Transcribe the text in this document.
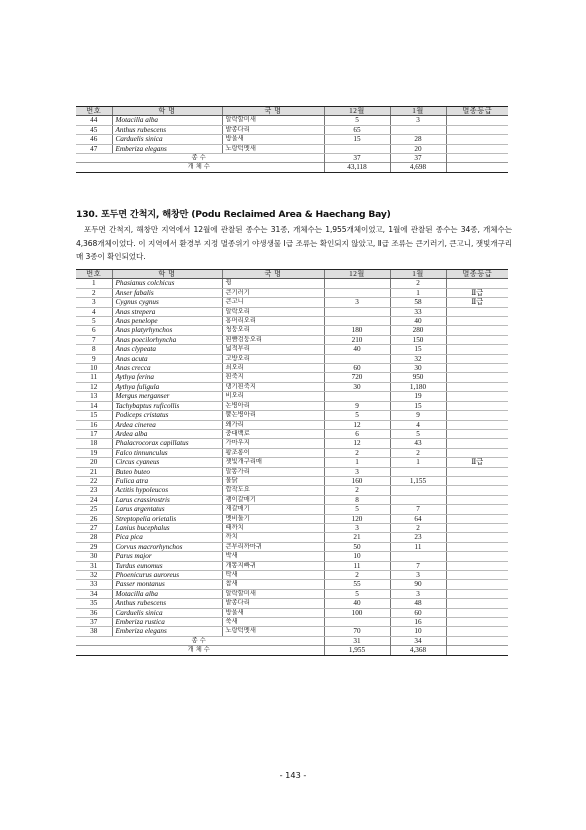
번호	학 명	국 명	12월	1월	멸종등급
44	Motacilla alba	알락할미새	5	3	
45	Anthus rubescens	밭종다리	65		
46	Carduelis sinica	방울새	15	28	
47	Emberiza elegans	노랑턱멧새		20	
종수			37	37	
개체수			43,118	4,698	
130. 포두면 간척지, 해창만 (Podu Reclaimed Area & Haechang Bay)
포두면 간척지, 해창만 지역에서 12월에 관찰된 종수는 31종, 개체수는 1,955개체이었고, 1월에 관찰된 종수는 34종, 개체수는 4,368개체이었다. 이 지역에서 환경부 지정 멸종위기 야생생물 Ⅰ급 조류는 확인되지 않았고, Ⅱ급 조류는 큰기러기, 큰고니, 잿빛개구리매 3종이 확인되었다.
번호	학 명	국 명	12월	1월	멸종등급
1	Phasianus colchicus	꿩		2	
2	Anser fabalis	큰기러기		1	Ⅱ급
3	Cygnus cygnus	큰고니	3	58	Ⅱ급
4	Anas strepera	알락오리		33	
5	Anas penelope	홍머리오리		40	
6	Anas platyrhynchos	청둥오리	180	280	
7	Anas poecilorhyncha	흰뺨검둥오리	210	150	
8	Anas clypeata	넓적부리	40	15	
9	Anas acuta	고방오리		32	
10	Anas crecca	쇠오리	60	30	
11	Aythya ferina	흰죽지	720	950	
12	Aythya fuligula	댕기흰죽지	30	1,180	
13	Mergus merganser	비오리		19	
14	Tachybaptus ruficollis	논병아리	9	15	
15	Podiceps cristatus	뿔논병아리	5	9	
16	Ardea cinerea	왜가리	12	4	
17	Ardea alba	중대백로	6	5	
18	Phalacrocorax capillatus	가마우지	12	43	
19	Falco tinnunculus	황조롱이	2	2	
20	Circus cyaneus	잿빛개구리매	1	1	Ⅱ급
21	Buteo buteo	말똥가리	3		
22	Fulica atra	물닭	160	1,155	
23	Actitis hypoleucos	깝작도요	2		
24	Larus crassirostris	괭이갈매기	8		
25	Larus argentatus	재갈매기	5	7	
26	Streptopelia orietalis	멧비둘기	120	64	
27	Lanius bucephalus	때까치	3	2	
28	Pica pica	까치	21	23	
29	Corvus macrorhynchos	큰부리까마귀	50	11	
30	Parus major	박새	10		
31	Turdus eunomus	개똥지빠귀	11	7	
32	Phoenicurus auroreus	딱새	2	3	
33	Passer montanus	참새	55	90	
34	Motacilla alba	알락할미새	5	3	
35	Anthus rubescens	밭종다리	40	48	
36	Carduelis sinica	방울새	100	60	
37	Emberiza rustica	쑥새		16	
38	Emberiza elegans	노랑턱멧새	70	10	
종수			31	34	
개체수			1,955	4,368	
- 143 -
